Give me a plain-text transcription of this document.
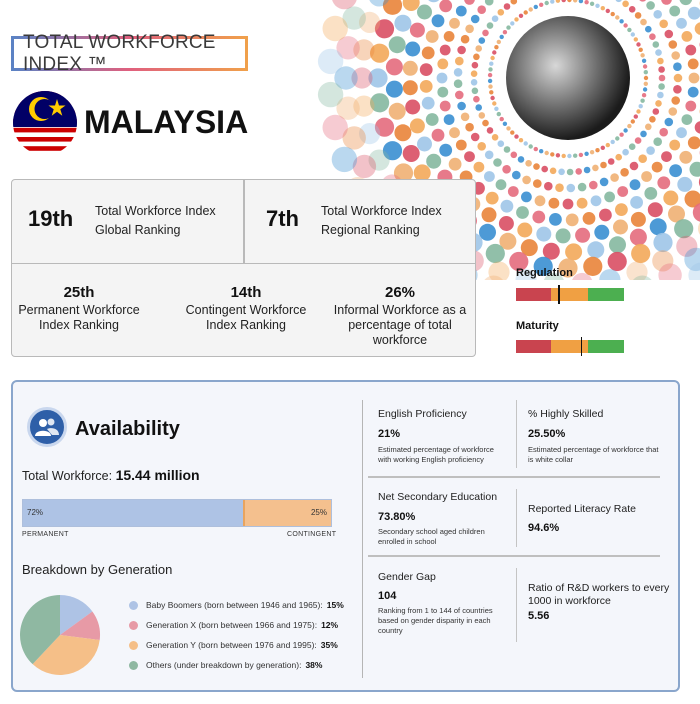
TOTAL WORKFORCE INDEX ™
MALAYSIA
19th Total Workforce Index
Global Ranking	7th Total Workforce Index
Regional Ranking
25th
Permanent Workforce
Index Ranking
14th
Contingent Workforce
Index Ranking
26%
Informal Workforce as a
percentage of total
workforce
Regulation
Maturity
Availability
Total Workforce: 15.44 million
72%	25%
PERMANENT	CONTINGENT
Breakdown by Generation
Baby Boomers (born between 1946 and 1965): 15%
Generation X (born between 1966 and 1975): 12%
Generation Y (born between 1976 and 1995): 35%
Others (under breakdown by generation): 38%
English Proficiency
21%
Estimated percentage of workforce
with working English proficiency
% Highly Skilled
25.50%
Estimated percentage of workforce that
is white collar
Net Secondary Education
73.80%
Secondary school aged children
enrolled in school
Reported Literacy Rate
94.6%
Gender Gap
104
Ranking from 1 to 144 of countries
based on gender disparity in each
country
Ratio of R&D workers to every
1000 in workforce
5.56
